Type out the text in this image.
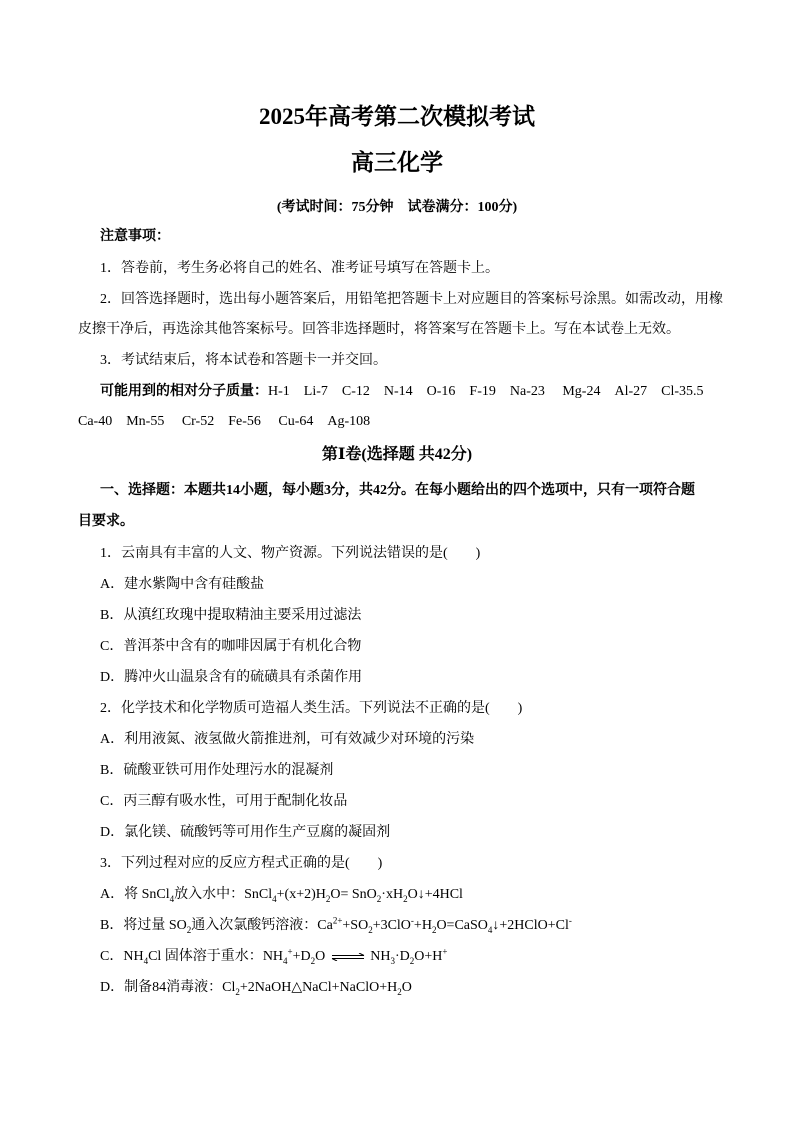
2025年高考第二次模拟考试
高三化学
(考试时间：75分钟　试卷满分：100分)
注意事项：
1．答卷前，考生务必将自己的姓名、准考证号填写在答题卡上。
2．回答选择题时，选出每小题答案后，用铅笔把答题卡上对应题目的答案标号涂黑。如需改动，用橡
皮擦干净后，再选涂其他答案标号。回答非选择题时，将答案写在答题卡上。写在本试卷上无效。
3．考试结束后，将本试卷和答题卡一并交回。
可能用到的相对分子质量：H-1　Li-7　C-12　N-14　O-16　F-19　Na-23　 Mg-24　Al-27　Cl-35.5
Ca-40　Mn-55　 Cr-52　Fe-56　 Cu-64　Ag-108
第Ⅰ卷(选择题 共42分)
一、选择题：本题共14小题，每小题3分，共42分。在每小题给出的四个选项中，只有一项符合题
目要求。
1．云南具有丰富的人文、物产资源。下列说法错误的是(　　)
A．建水紫陶中含有硅酸盐
B．从滇红玫瑰中提取精油主要采用过滤法
C．普洱茶中含有的咖啡因属于有机化合物
D．腾冲火山温泉含有的硫磺具有杀菌作用
2．化学技术和化学物质可造福人类生活。下列说法不正确的是(　　)
A．利用液氮、液氢做火箭推进剂，可有效减少对环境的污染
B．硫酸亚铁可用作处理污水的混凝剂
C．丙三醇有吸水性，可用于配制化妆品
D．氯化镁、硫酸钙等可用作生产豆腐的凝固剂
3．下列过程对应的反应方程式正确的是(　　)
A．将 SnCl$_4$放入水中：$SnCl_4+(x+2)H_2O=$ $SnO_2\cdot xH_2O↓+4HCl$
B．将过量 $SO_2$通入次氯酸钙溶液：$Ca^{2+}+SO_2+3ClO^-+H_2O=CaSO_4↓+2HClO+Cl^-$
C．$NH_4Cl$ 固体溶于重水：$NH_4^++D_2O$ ⇌ $NH_3\cdot D_2O+H^+$
D．制备84消毒液：$Cl_2+2NaOH\triangle NaCl+NaClO+H_2O$
